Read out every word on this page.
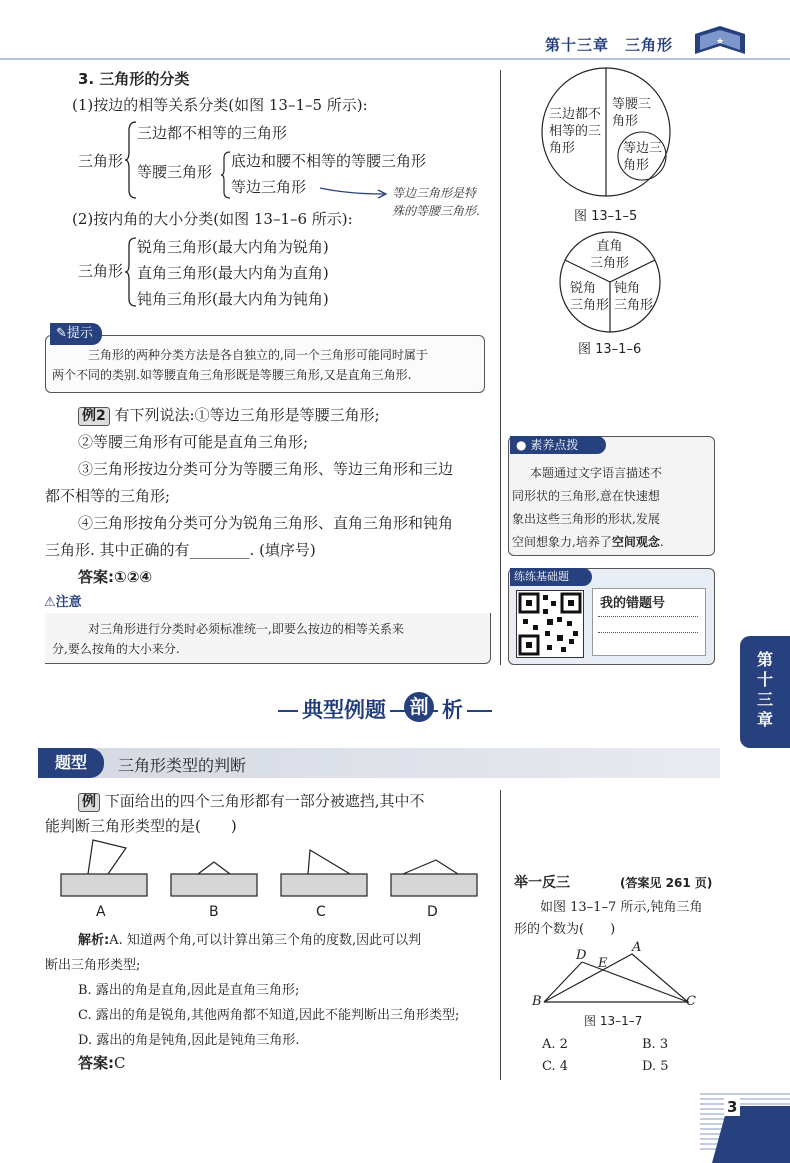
第十三章　三角形	★
3. 三角形的分类
(1)按边的相等关系分类(如图 13–1–5 所示):
三角形
三边都不相等的三角形
等腰三角形
底边和腰不相等的等腰三角形
等边三角形	等边三角形是特
殊的等腰三角形.
(2)按内角的大小分类(如图 13–1–6 所示):
三角形
锐角三角形(最大内角为锐角)
直角三角形(最大内角为直角)
钝角三角形(最大内角为钝角)
✎提示
三角形的两种分类方法是各自独立的,同一个三角形可能同时属于
两个不同的类别.如等腰直角三角形既是等腰三角形,又是直角三角形.
例2 有下列说法:①等边三角形是等腰三角形;
②等腰三角形有可能是直角三角形;
③三角形按边分类可分为等腰三角形、等边三角形和三边
都不相等的三角形;
④三角形按角分类可分为锐角三角形、直角三角形和钝角
三角形. 其中正确的有________. (填序号)
答案:①②④
⚠注意
对三角形进行分类时必须标准统一,即要么按边的相等关系来
分,要么按角的大小来分.
三边都不
相等的三
角形
等腰三
角形
等边三
角形
图 13–1–5
直角
三角形
锐角
三角形
钝角
三角形
图 13–1–6
● 素养点拨
本题通过文字语言描述不
同形状的三角形,意在快速想
象出这些三角形的形状,发展
空间想象力,培养了空间观念.
练练基础题
我的错题号
第
十
三
章
典型例题 剖 析
题型	三角形类型的判断
例 下面给出的四个三角形都有一部分被遮挡,其中不
能判断三角形类型的是(　　)
A	B	C	D
解析:A. 知道两个角,可以计算出第三个角的度数,因此可以判
断出三角形类型;
B. 露出的角是直角,因此是直角三角形;
C. 露出的角是锐角,其他两角都不知道,因此不能判断出三角形类型;
D. 露出的角是钝角,因此是钝角三角形.
答案:C
举一反三	(答案见 261 页)
如图 13–1–7 所示,钝角三角
形的个数为(　　)
A
D
E
B	C
图 13–1–7
A. 2	B. 3
C. 4	D. 5
3
